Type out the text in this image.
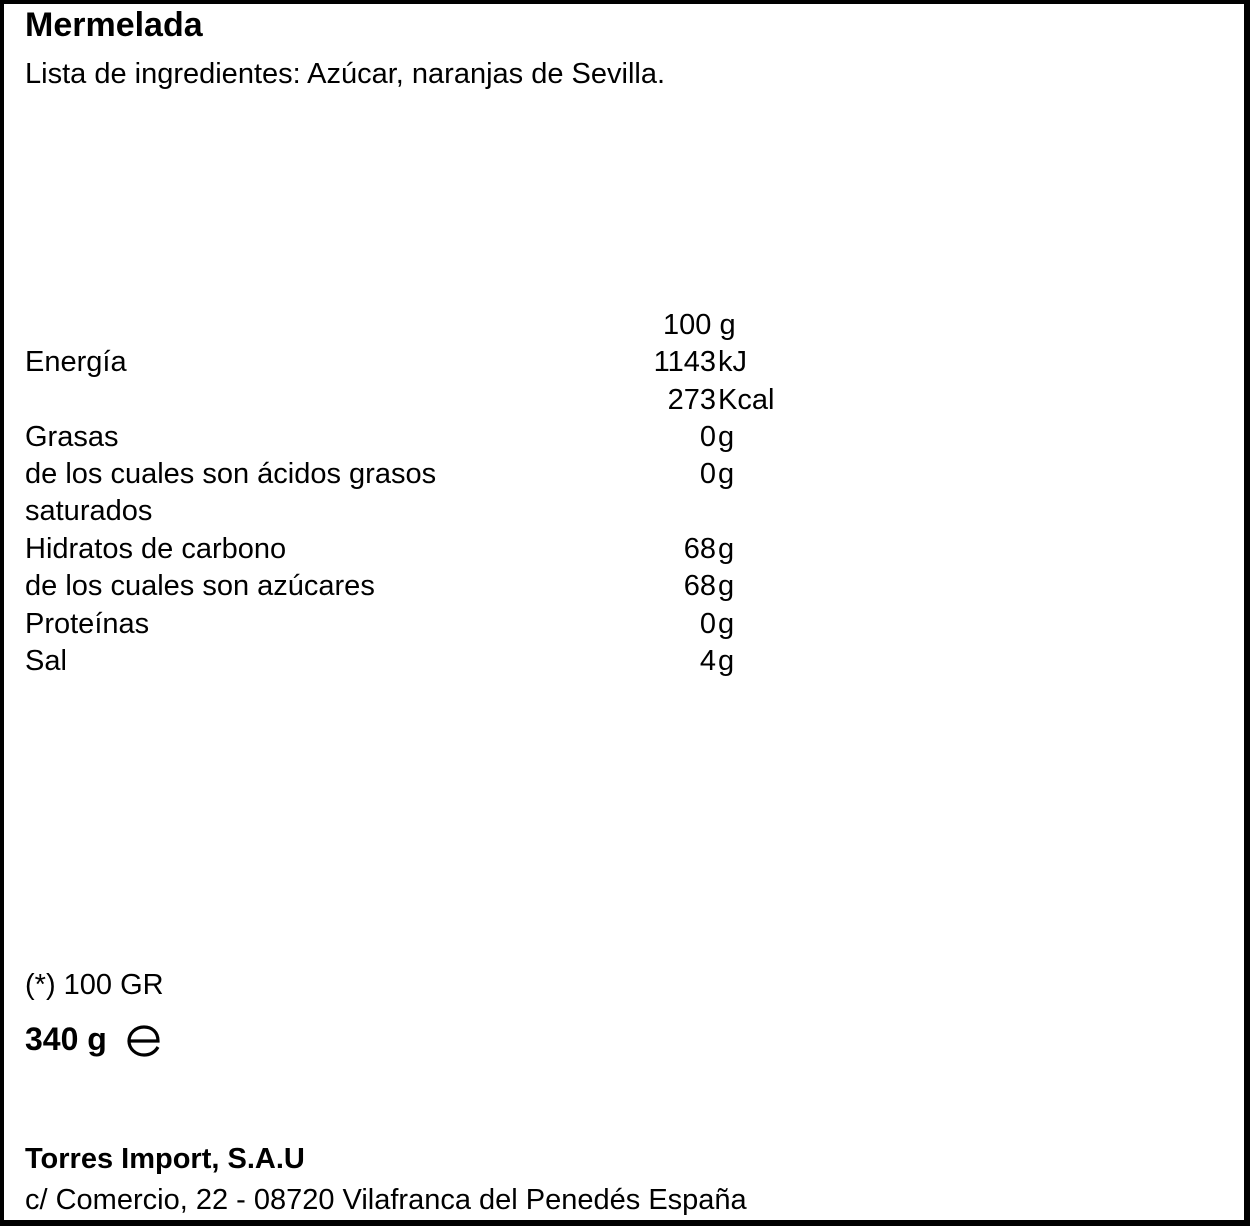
Mermelada
Lista de ingredientes: Azúcar, naranjas de Sevilla.
100 g
Energía	1143 kJ
273 Kcal
Grasas	0 g
de los cuales son ácidos grasos	0 g
saturados
Hidratos de carbono	68 g
de los cuales son azúcares	68 g
Proteínas	0 g
Sal	4 g
(*) 100 GR
340 g
Torres Import, S.A.U
c/ Comercio, 22 - 08720 Vilafranca del Penedés España
